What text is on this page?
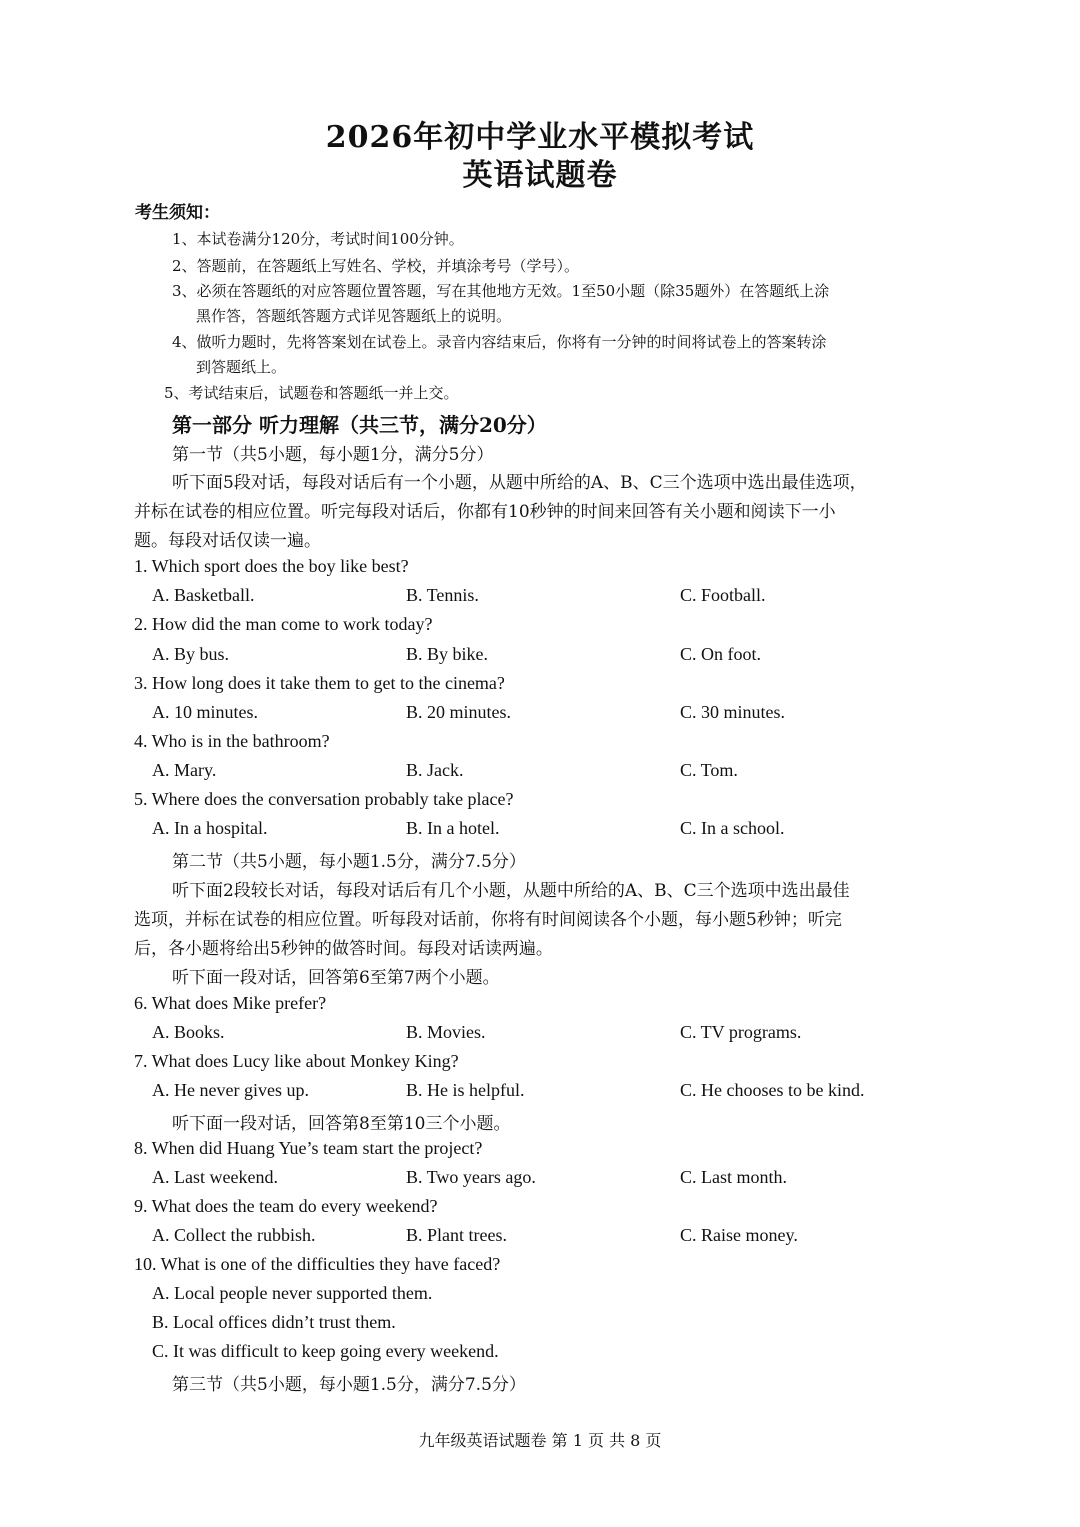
2026年初中学业水平模拟考试
英语试题卷
考生须知：
1、本试卷满分120分，考试时间100分钟。
2、答题前，在答题纸上写姓名、学校，并填涂考号（学号）。
3、必须在答题纸的对应答题位置答题，写在其他地方无效。1至50小题（除35题外）在答题纸上涂
黑作答，答题纸答题方式详见答题纸上的说明。
4、做听力题时，先将答案划在试卷上。录音内容结束后，你将有一分钟的时间将试卷上的答案转涂
到答题纸上。
5、考试结束后，试题卷和答题纸一并上交。
第一部分 听力理解（共三节，满分20分）
第一节（共5小题，每小题1分，满分5分）
听下面5段对话，每段对话后有一个小题，从题中所给的A、B、C三个选项中选出最佳选项，
并标在试卷的相应位置。听完每段对话后，你都有10秒钟的时间来回答有关小题和阅读下一小
题。每段对话仅读一遍。
1. Which sport does the boy like best?
A. Basketball.	B. Tennis.	C. Football.
2. How did the man come to work today?
A. By bus.	B. By bike.	C. On foot.
3. How long does it take them to get to the cinema?
A. 10 minutes.	B. 20 minutes.	C. 30 minutes.
4. Who is in the bathroom?
A. Mary.	B. Jack.	C. Tom.
5. Where does the conversation probably take place?
A. In a hospital.	B. In a hotel.	C. In a school.
第二节（共5小题，每小题1.5分，满分7.5分）
听下面2段较长对话，每段对话后有几个小题，从题中所给的A、B、C三个选项中选出最佳
选项，并标在试卷的相应位置。听每段对话前，你将有时间阅读各个小题，每小题5秒钟；听完
后，各小题将给出5秒钟的做答时间。每段对话读两遍。
听下面一段对话，回答第6至第7两个小题。
6. What does Mike prefer?
A. Books.	B. Movies.	C. TV programs.
7. What does Lucy like about Monkey King?
A. He never gives up.	B. He is helpful.	C. He chooses to be kind.
听下面一段对话，回答第8至第10三个小题。
8. When did Huang Yue’s team start the project?
A. Last weekend.	B. Two years ago.	C. Last month.
9. What does the team do every weekend?
A. Collect the rubbish.	B. Plant trees.	C. Raise money.
10. What is one of the difficulties they have faced?
A. Local people never supported them.
B. Local offices didn’t trust them.
C. It was difficult to keep going every weekend.
第三节（共5小题，每小题1.5分，满分7.5分）
九年级英语试题卷 第 1 页 共 8 页
